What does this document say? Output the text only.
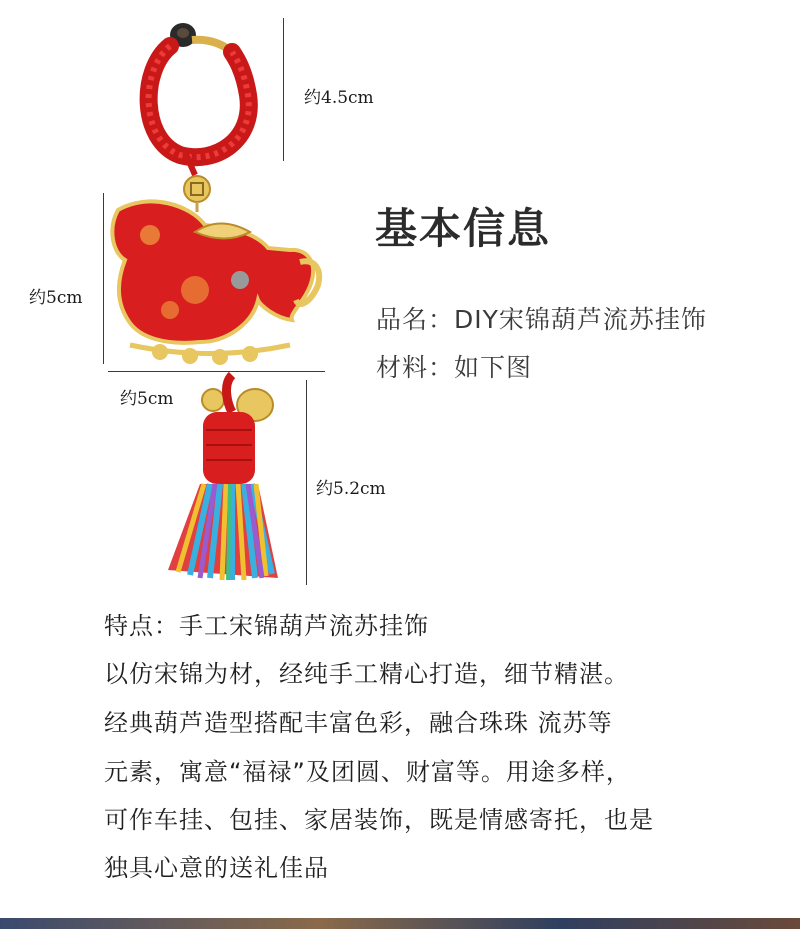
约4.5cm
约5cm
约5cm
约5.2cm
基本信息
品名：DIY宋锦葫芦流苏挂饰
材料：如下图
特点：手工宋锦葫芦流苏挂饰
以仿宋锦为材，经纯手工精心打造，细节精湛。
经典葫芦造型搭配丰富色彩，融合珠珠 流苏等
元素，寓意“福禄”及团圆、财富等。用途多样，
可作车挂、包挂、家居装饰，既是情感寄托，也是
独具心意的送礼佳品
